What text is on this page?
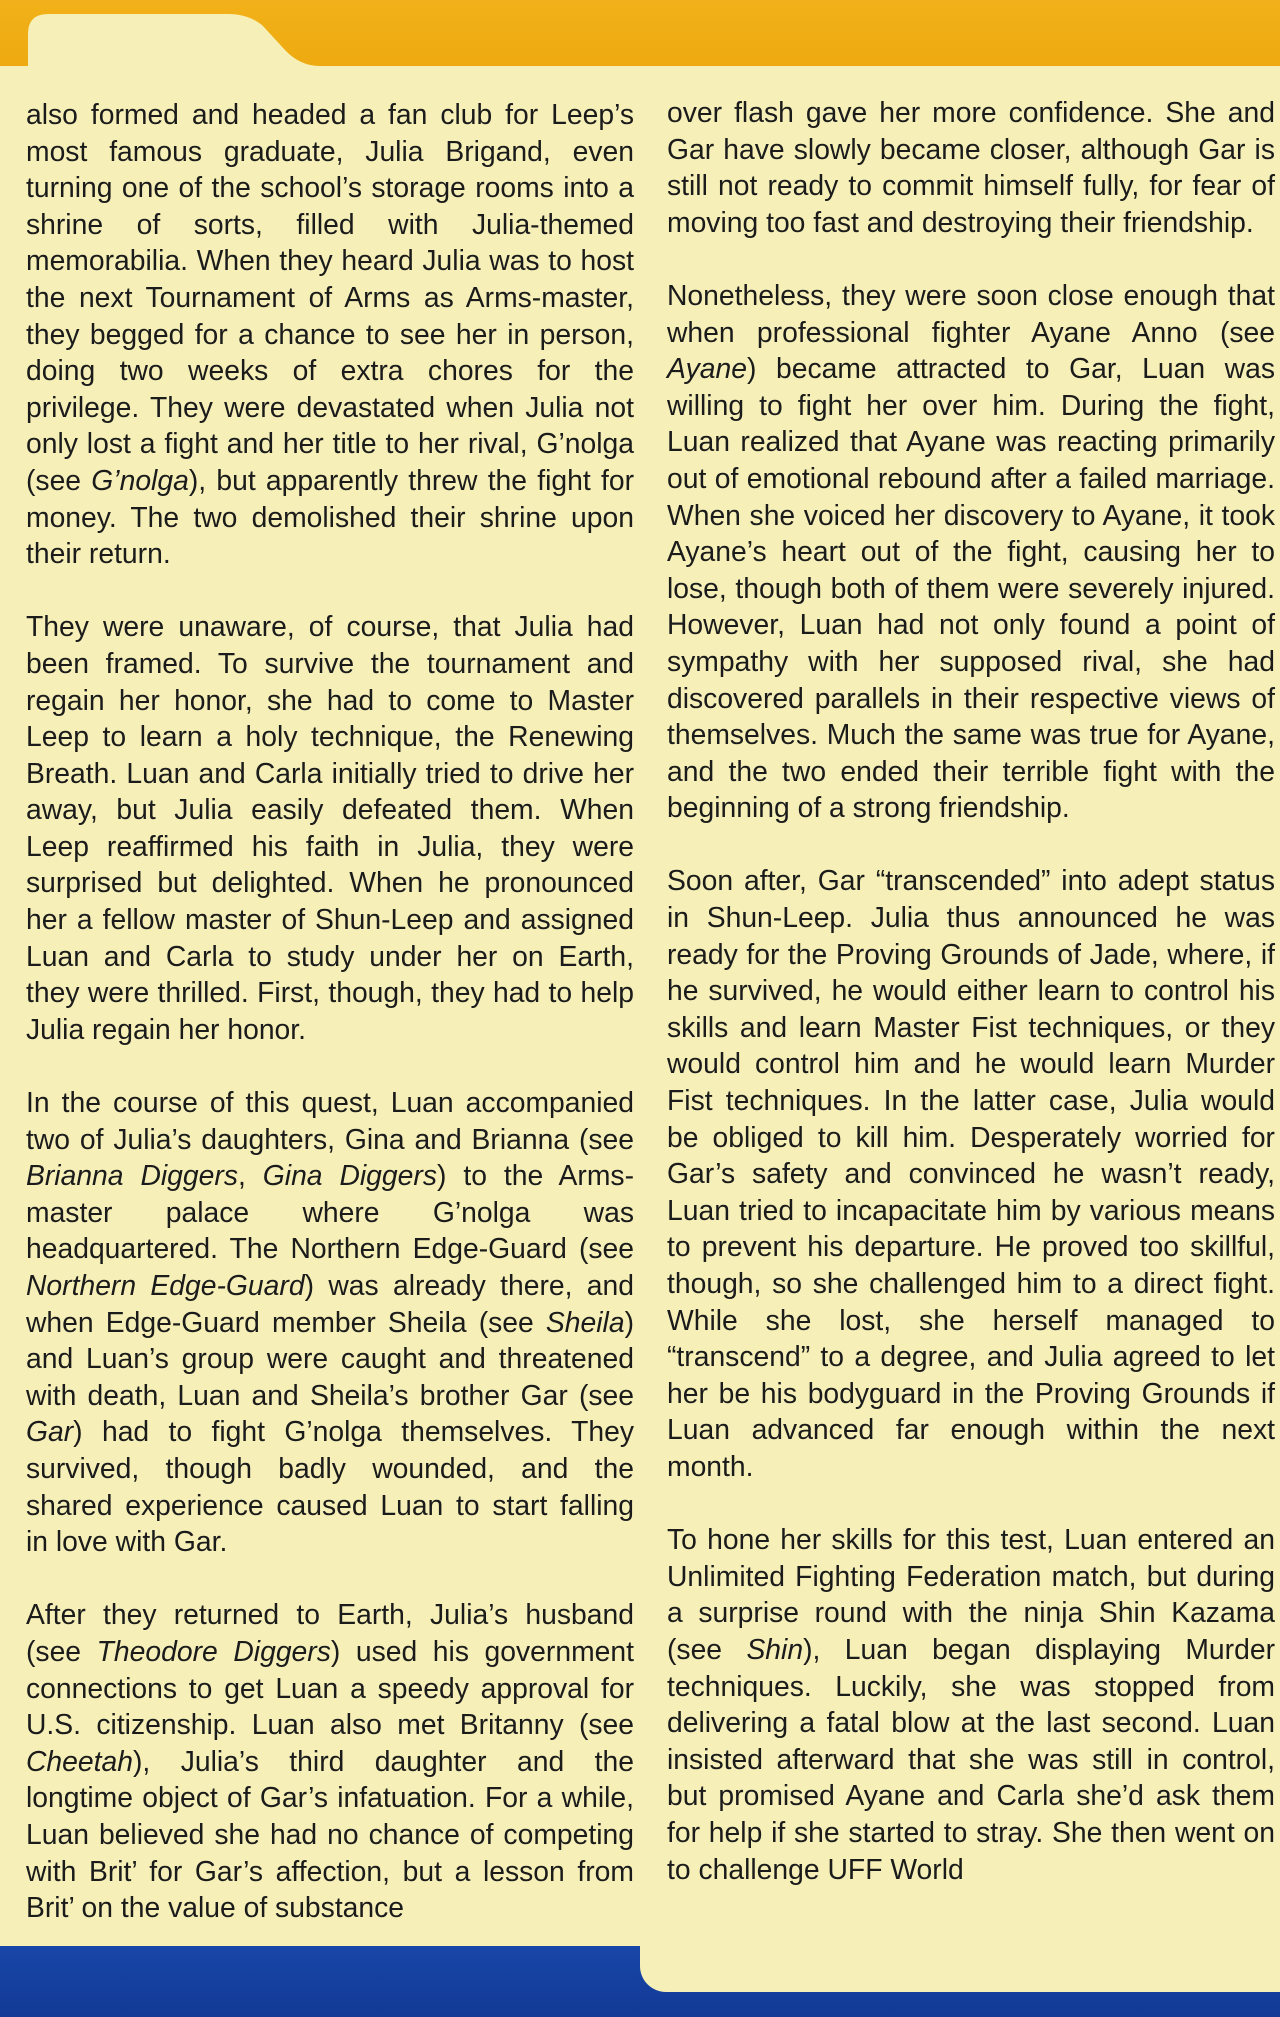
also formed and headed a fan club for Leep’s most famous graduate, Julia Brigand, even turning one of the school’s storage rooms into a shrine of sorts, filled with Julia-themed memorabilia. When they heard Julia was to host the next Tournament of Arms as Arms-master, they begged for a chance to see her in person, doing two weeks of extra chores for the privilege. They were devastated when Julia not only lost a fight and her title to her rival, G’nolga (see G’nolga), but apparently threw the fight for money. The two demolished their shrine upon their return.

They were unaware, of course, that Julia had been framed. To survive the tournament and regain her honor, she had to come to Master Leep to learn a holy technique, the Renewing Breath. Luan and Carla initially tried to drive her away, but Julia easily defeated them. When Leep reaffirmed his faith in Julia, they were surprised but delighted. When he pronounced her a fellow master of Shun-Leep and assigned Luan and Carla to study under her on Earth, they were thrilled. First, though, they had to help Julia regain her honor.

In the course of this quest, Luan accompanied two of Julia’s daughters, Gina and Brianna (see Brianna Diggers, Gina Diggers) to the Arms-master palace where G’nolga was headquartered. The Northern Edge-Guard (see Northern Edge-Guard) was already there, and when Edge-Guard member Sheila (see Sheila) and Luan’s group were caught and threatened with death, Luan and Sheila’s brother Gar (see Gar) had to fight G’nolga themselves. They survived, though badly wounded, and the shared experience caused Luan to start falling in love with Gar.

After they returned to Earth, Julia’s husband (see Theodore Diggers) used his government connections to get Luan a speedy approval for U.S. citizenship. Luan also met Britanny (see Cheetah), Julia’s third daughter and the longtime object of Gar’s infatuation. For a while, Luan believed she had no chance of competing with Brit’ for Gar’s affection, but a lesson from Brit’ on the value of substance

over flash gave her more confidence. She and Gar have slowly became closer, although Gar is still not ready to commit himself fully, for fear of moving too fast and destroying their friendship.

Nonetheless, they were soon close enough that when professional fighter Ayane Anno (see Ayane) became attracted to Gar, Luan was willing to fight her over him. During the fight, Luan realized that Ayane was reacting primarily out of emotional rebound after a failed marriage. When she voiced her discovery to Ayane, it took Ayane’s heart out of the fight, causing her to lose, though both of them were severely injured. However, Luan had not only found a point of sympathy with her supposed rival, she had discovered parallels in their respective views of themselves. Much the same was true for Ayane, and the two ended their terrible fight with the beginning of a strong friendship.

Soon after, Gar “transcended” into adept status in Shun-Leep. Julia thus announced he was ready for the Proving Grounds of Jade, where, if he survived, he would either learn to control his skills and learn Master Fist techniques, or they would control him and he would learn Murder Fist techniques. In the latter case, Julia would be obliged to kill him. Desperately worried for Gar’s safety and convinced he wasn’t ready, Luan tried to incapacitate him by various means to prevent his departure. He proved too skillful, though, so she challenged him to a direct fight. While she lost, she herself managed to “transcend” to a degree, and Julia agreed to let her be his bodyguard in the Proving Grounds if Luan advanced far enough within the next month.

To hone her skills for this test, Luan entered an Unlimited Fighting Federation match, but during a surprise round with the ninja Shin Kazama (see Shin), Luan began displaying Murder techniques. Luckily, she was stopped from delivering a fatal blow at the last second. Luan insisted afterward that she was still in control, but promised Ayane and Carla she’d ask them for help if she started to stray. She then went on to challenge UFF World
